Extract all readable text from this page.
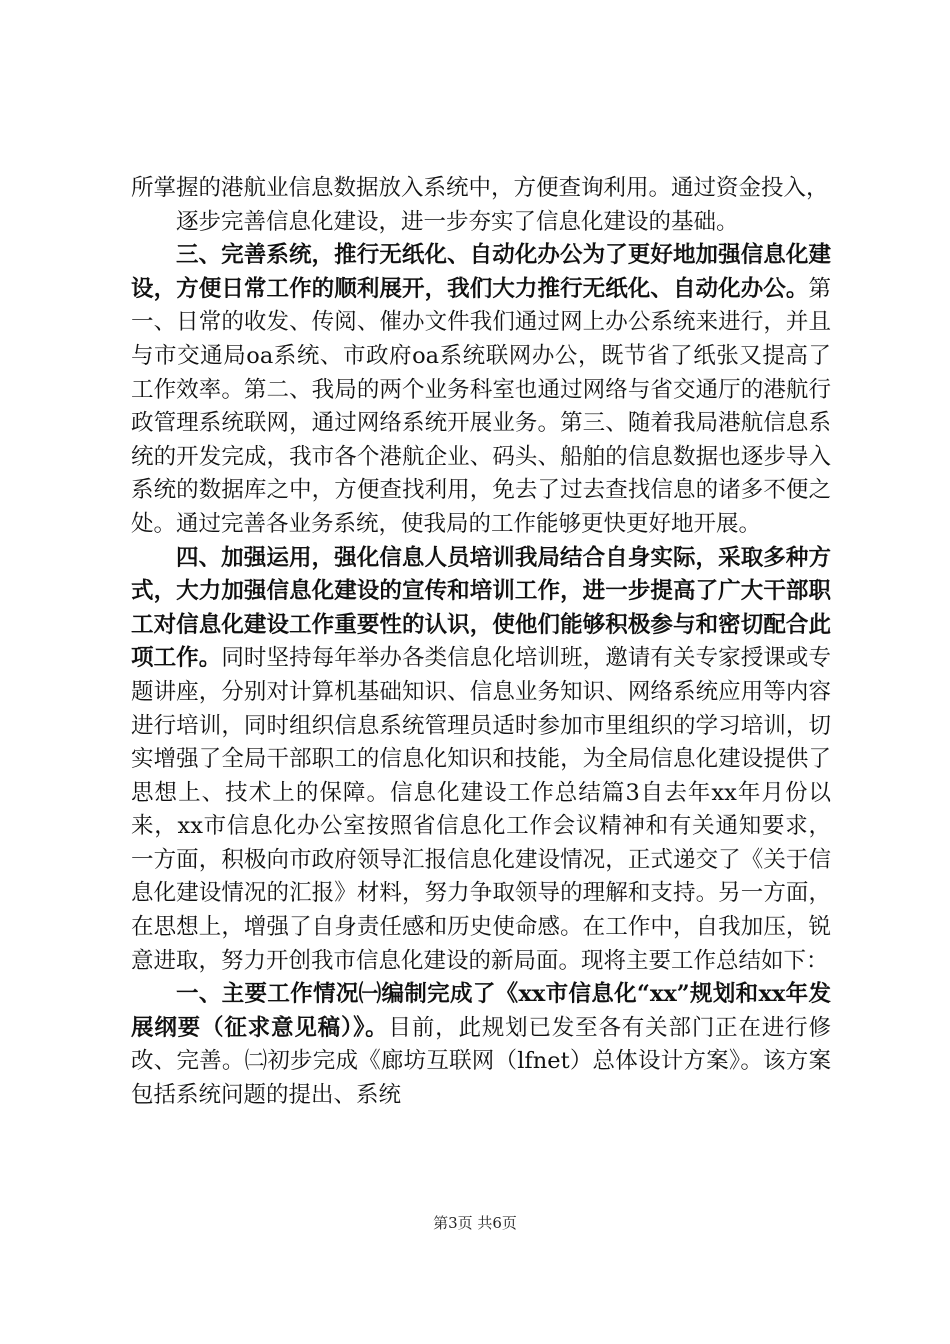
所掌握的港航业信息数据放入系统中，方便查询利用。通过资金投入，

逐步完善信息化建设，进一步夯实了信息化建设的基础。

三、完善系统，推行无纸化、自动化办公为了更好地加强信息化建设，方便日常工作的顺利展开，我们大力推行无纸化、自动化办公。第一、日常的收发、传阅、催办文件我们通过网上办公系统来进行，并且与市交通局oa系统、市政府oa系统联网办公，既节省了纸张又提高了工作效率。第二、我局的两个业务科室也通过网络与省交通厅的港航行政管理系统联网，通过网络系统开展业务。第三、随着我局港航信息系统的开发完成，我市各个港航企业、码头、船舶的信息数据也逐步导入系统的数据库之中，方便查找利用，免去了过去查找信息的诸多不便之处。通过完善各业务系统，使我局的工作能够更快更好地开展。

四、加强运用，强化信息人员培训我局结合自身实际，采取多种方式，大力加强信息化建设的宣传和培训工作，进一步提高了广大干部职工对信息化建设工作重要性的认识，使他们能够积极参与和密切配合此项工作。同时坚持每年举办各类信息化培训班，邀请有关专家授课或专题讲座，分别对计算机基础知识、信息业务知识、网络系统应用等内容进行培训，同时组织信息系统管理员适时参加市里组织的学习培训，切实增强了全局干部职工的信息化知识和技能，为全局信息化建设提供了思想上、技术上的保障。信息化建设工作总结篇3自去年xx年月份以来，xx市信息化办公室按照省信息化工作会议精神和有关通知要求，一方面，积极向市政府领导汇报信息化建设情况，正式递交了《关于信息化建设情况的汇报》材料，努力争取领导的理解和支持。另一方面，在思想上，增强了自身责任感和历史使命感。在工作中，自我加压，锐意进取，努力开创我市信息化建设的新局面。现将主要工作总结如下：

一、主要工作情况㈠编制完成了《xx市信息化“xx”规划和xx年发展纲要（征求意见稿）》。目前，此规划已发至各有关部门正在进行修改、完善。㈡初步完成《廊坊互联网（lfnet）总体设计方案》。该方案包括系统问题的提出、系统

第3页 共6页
